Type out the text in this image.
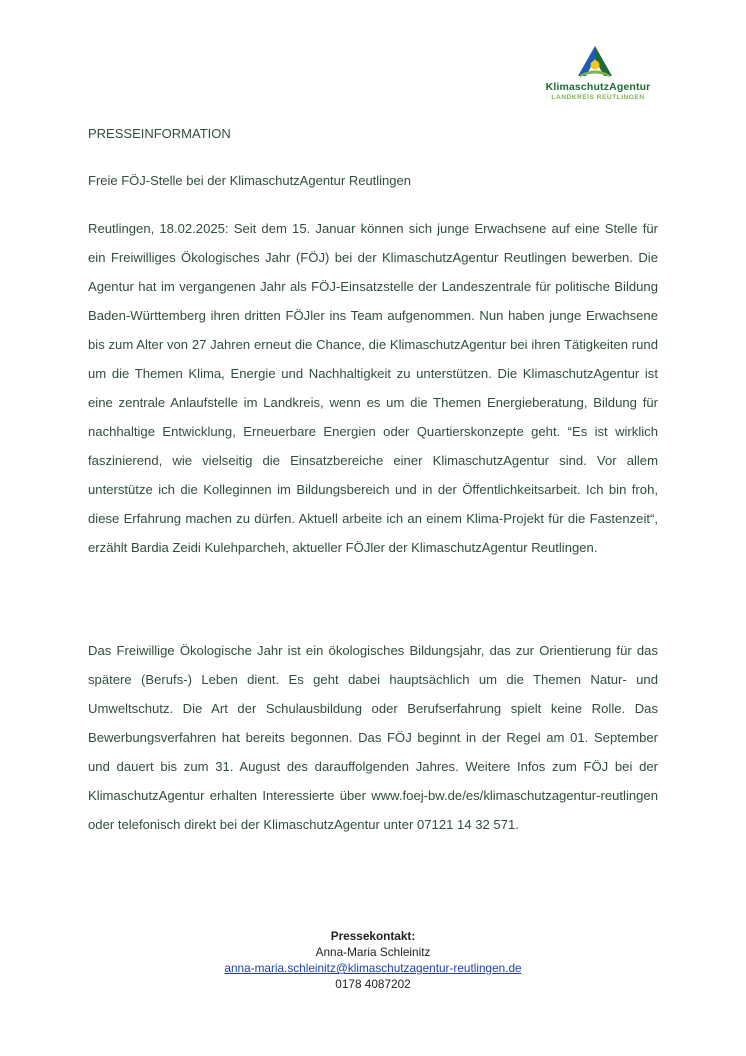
KlimaschutzAgentur
LANDKREIS REUTLINGEN
PRESSEINFORMATION
Freie FÖJ-Stelle bei der KlimaschutzAgentur Reutlingen

Reutlingen, 18.02.2025: Seit dem 15. Januar können sich junge Erwachsene auf eine Stelle für ein Freiwilliges Ökologisches Jahr (FÖJ) bei der KlimaschutzAgentur Reutlingen bewerben. Die Agentur hat im vergangenen Jahr als FÖJ-Einsatzstelle der Landeszentrale für politische Bildung Baden-Württemberg ihren dritten FÖJler ins Team aufgenommen. Nun haben junge Erwachsene bis zum Alter von 27 Jahren erneut die Chance, die KlimaschutzAgentur bei ihren Tätigkeiten rund um die Themen Klima, Energie und Nachhaltigkeit zu unterstützen. Die KlimaschutzAgentur ist eine zentrale Anlaufstelle im Landkreis, wenn es um die Themen Energieberatung, Bildung für nachhaltige Entwicklung, Erneuerbare Energien oder Quartierskonzepte geht. “Es ist wirklich faszinierend, wie vielseitig die Einsatzbereiche einer KlimaschutzAgentur sind. Vor allem unterstütze ich die Kolleginnen im Bildungsbereich und in der Öffentlichkeitsarbeit. Ich bin froh, diese Erfahrung machen zu dürfen. Aktuell arbeite ich an einem Klima-Projekt für die Fastenzeit“, erzählt Bardia Zeidi Kulehparcheh, aktueller FÖJler der KlimaschutzAgentur Reutlingen.

Das Freiwillige Ökologische Jahr ist ein ökologisches Bildungsjahr, das zur Orientierung für das spätere (Berufs-) Leben dient. Es geht dabei hauptsächlich um die Themen Natur- und Umweltschutz. Die Art der Schulausbildung oder Berufserfahrung spielt keine Rolle. Das Bewerbungsverfahren hat bereits begonnen. Das FÖJ beginnt in der Regel am 01. September und dauert bis zum 31. August des darauffolgenden Jahres. Weitere Infos zum FÖJ bei der KlimaschutzAgentur erhalten Interessierte über www.foej-bw.de/es/klimaschutzagentur-reutlingen oder telefonisch direkt bei der KlimaschutzAgentur unter 07121 14 32 571.

Pressekontakt:
Anna-Maria Schleinitz
anna-maria.schleinitz@klimaschutzagentur-reutlingen.de
0178 4087202
